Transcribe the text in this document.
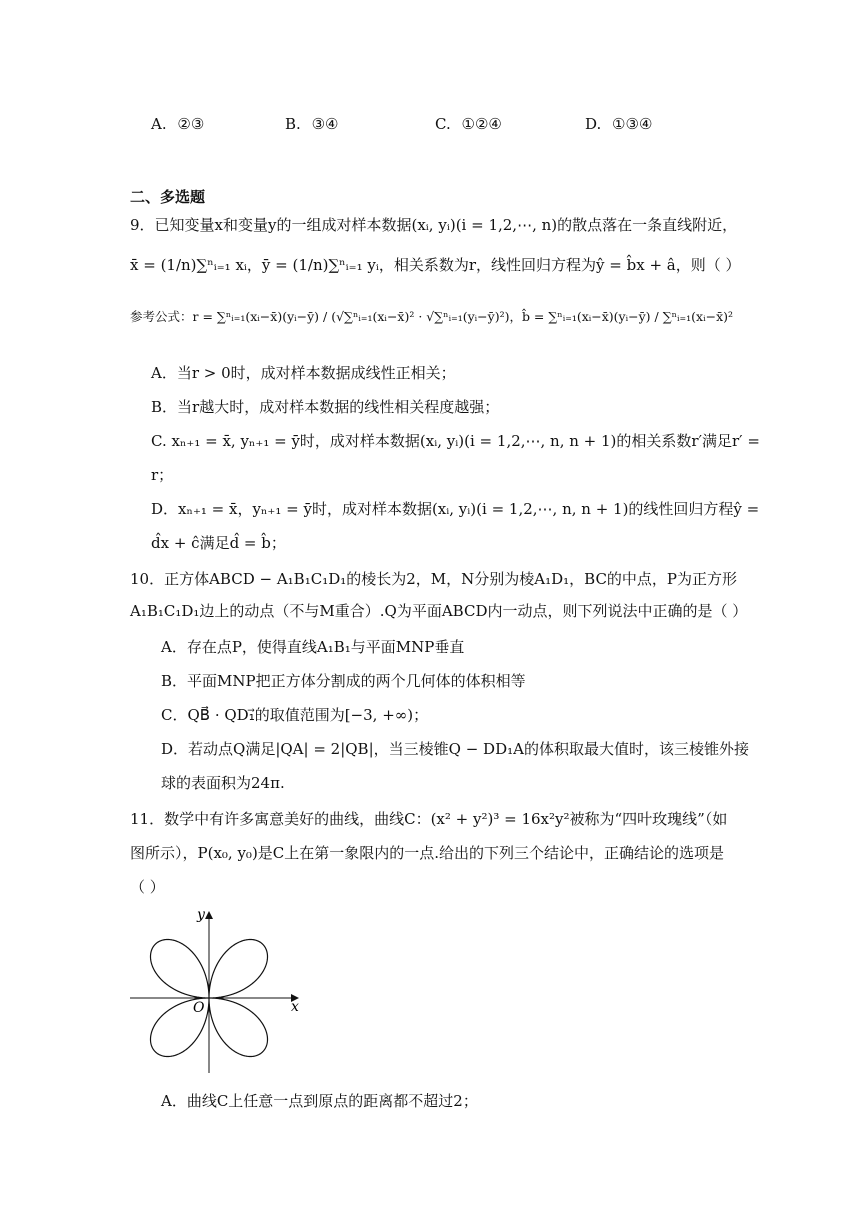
A. ②③	B. ③④	C. ①②④	D. ①③④
二、多选题
9．已知变量x和变量y的一组成对样本数据(xᵢ, yᵢ)(i = 1,2,⋯, n)的散点落在一条直线附近，
x̄ = (1/n)∑ⁿᵢ₌₁ xᵢ，ȳ = (1/n)∑ⁿᵢ₌₁ yᵢ，相关系数为r，线性回归方程为ŷ = b̂x + â，则（ ）
参考公式：r = ∑ⁿᵢ₌₁(xᵢ−x̄)(yᵢ−ȳ) / (√∑ⁿᵢ₌₁(xᵢ−x̄)² · √∑ⁿᵢ₌₁(yᵢ−ȳ)²)，b̂ = ∑ⁿᵢ₌₁(xᵢ−x̄)(yᵢ−ȳ) / ∑ⁿᵢ₌₁(xᵢ−x̄)²
A．当r > 0时，成对样本数据成线性正相关；
B．当r越大时，成对样本数据的线性相关程度越强；
C. xₙ₊₁ = x̄, yₙ₊₁ = ȳ时，成对样本数据(xᵢ, yᵢ)(i = 1,2,⋯, n, n + 1)的相关系数r′满足r′ =
r；
D．xₙ₊₁ = x̄，yₙ₊₁ = ȳ时，成对样本数据(xᵢ, yᵢ)(i = 1,2,⋯, n, n + 1)的线性回归方程ŷ =
d̂x + ĉ满足d̂ = b̂；
10．正方体ABCD − A₁B₁C₁D₁的棱长为2，M，N分别为棱A₁D₁，BC的中点，P为正方形
A₁B₁C₁D₁边上的动点（不与M重合）.Q为平面ABCD内一动点，则下列说法中正确的是（ ）
A．存在点P，使得直线A₁B₁与平面MNP垂直
B．平面MNP把正方体分割成的两个几何体的体积相等
C．QB⃗ · QD₁⃗的取值范围为[−3, +∞)；
D．若动点Q满足|QA| = 2|QB|，当三棱锥Q − DD₁A的体积取最大值时，该三棱锥外接
球的表面积为24π.
11．数学中有许多寓意美好的曲线，曲线C：(x² + y²)³ = 16x²y²被称为“四叶玫瑰线”（如
图所示），P(x₀, y₀)是C上在第一象限内的一点.给出的下列三个结论中，正确结论的选项是
（ ）
x
y
O
A．曲线C上任意一点到原点的距离都不超过2；
